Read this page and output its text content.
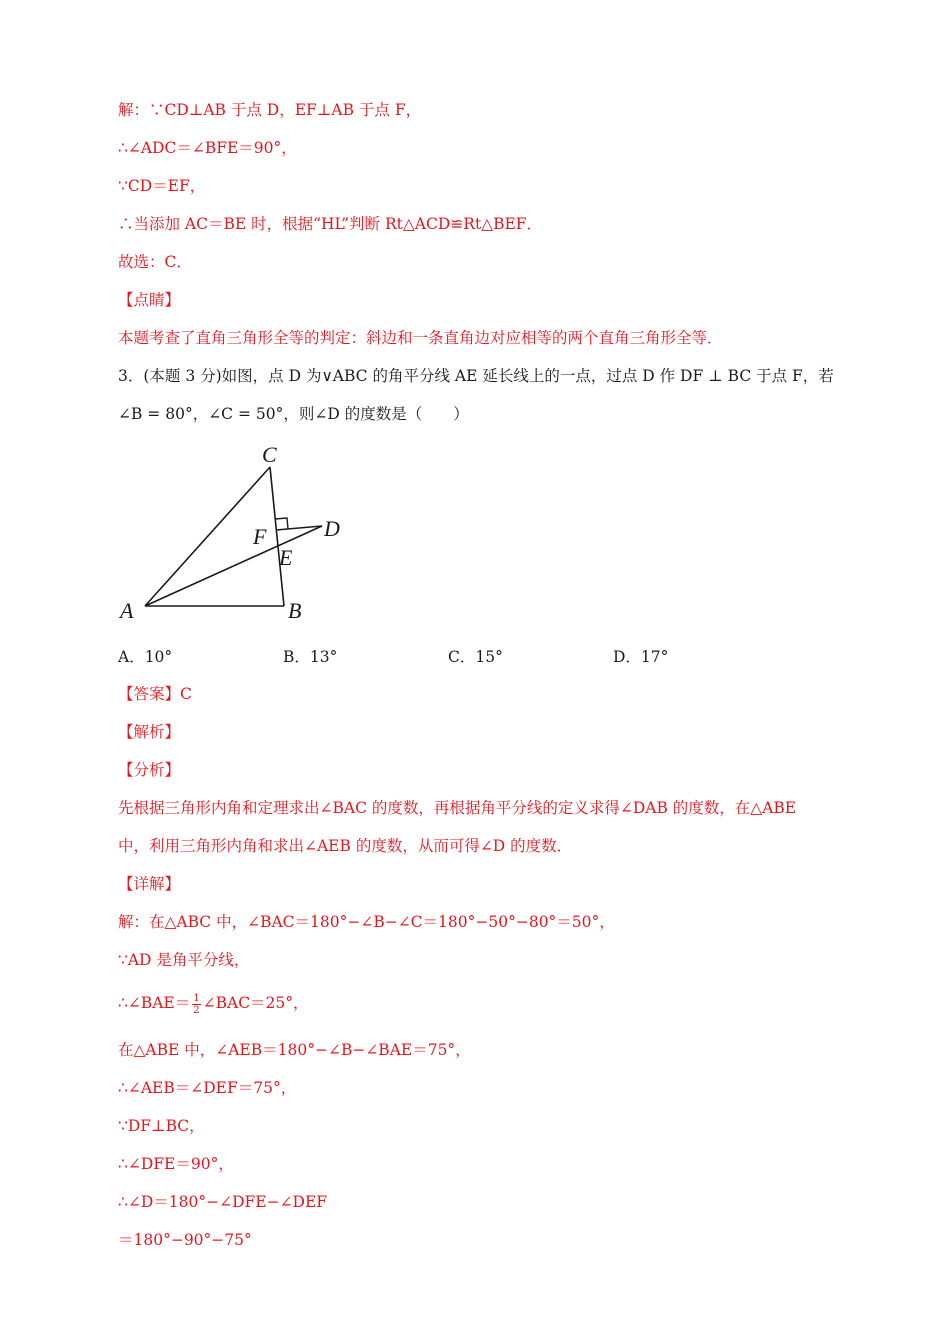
解：∵CD⊥AB 于点 D，EF⊥AB 于点 F，
∴∠ADC＝∠BFE＝90°，
∵CD＝EF，
∴当添加 AC＝BE 时，根据“HL”判断 Rt△ACD≌Rt△BEF．
故选：C．
【点睛】
本题考查了直角三角形全等的判定：斜边和一条直角边对应相等的两个直角三角形全等．
3．(本题 3 分)如图，点 D 为∨ABC 的角平分线 AE 延长线上的一点，过点 D 作 DF ⊥ BC 于点 F，若
∠B = 80°，∠C = 50°，则∠D 的度数是（　　）
C
F	D
E
A	B
A．10°	B．13°	C．15°	D．17°
【答案】C
【解析】
【分析】
先根据三角形内角和定理求出∠BAC 的度数，再根据角平分线的定义求得∠DAB 的度数，在△ABE
中，利用三角形内角和求出∠AEB 的度数，从而可得∠D 的度数．
【详解】
解：在△ABC 中，∠BAC＝180°−∠B−∠C＝180°−50°−80°＝50°，
∵AD 是角平分线，
∴∠BAE＝ $\frac{1}{2}$ ∠BAC＝25°，
在△ABE 中，∠AEB＝180°−∠B−∠BAE＝75°，
∴∠AEB＝∠DEF＝75°，
∵DF⊥BC，
∴∠DFE＝90°，
∴∠D＝180°−∠DFE−∠DEF
＝180°−90°−75°
